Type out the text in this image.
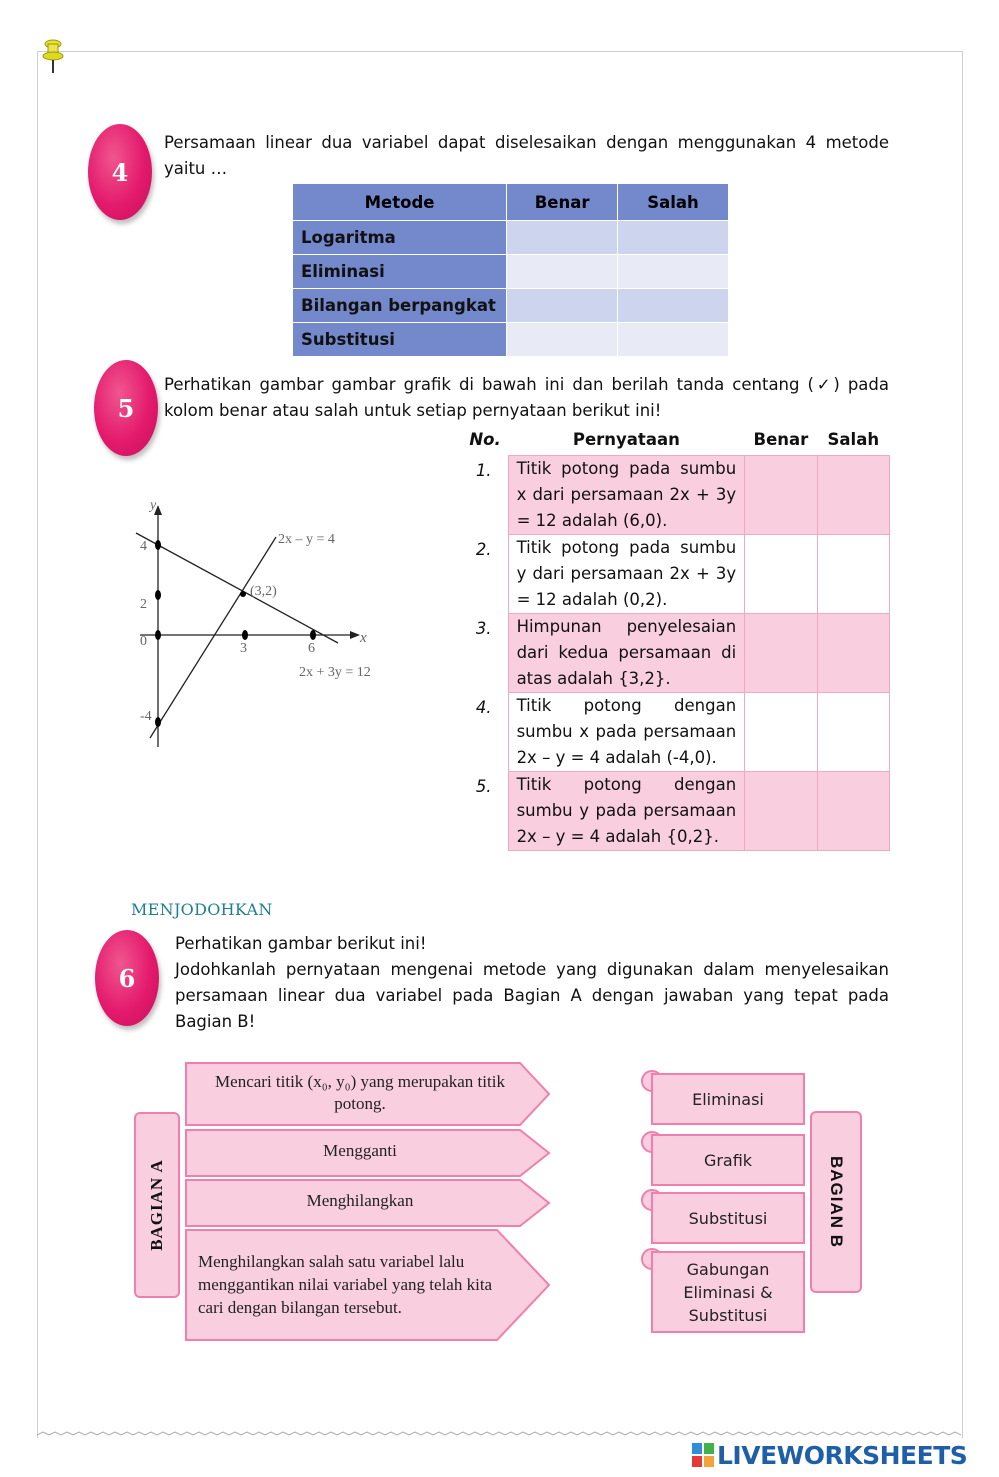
4
Persamaan linear dua variabel dapat diselesaikan dengan menggunakan 4 metode yaitu …
Metode	Benar	Salah
Logaritma		
Eliminasi		
Bilangan berpangkat		
Substitusi		
5
Perhatikan gambar gambar grafik di bawah ini dan berilah tanda centang (✓) pada kolom benar atau salah untuk setiap pernyataan berikut ini!
y
x
4
2
0
-4
3	6
(3,2)
2x – y = 4
2x + 3y = 12
No.	Pernyataan	Benar	Salah
1.	Titik potong pada sumbu x dari persamaan 2x + 3y = 12 adalah (6,0).		
2.	Titik potong pada sumbu y dari persamaan 2x + 3y = 12 adalah (0,2).		
3.	Himpunan penyelesaian dari kedua persamaan di atas adalah {3,2}.		
4.	Titik potong dengan sumbu x pada persamaan 2x – y = 4 adalah (-4,0).		
5.	Titik potong dengan sumbu y pada persamaan 2x – y = 4 adalah {0,2}.		
MENJODOHKAN
6
Perhatikan gambar berikut ini!
Jodohkanlah pernyataan mengenai metode yang digunakan dalam menyelesaikan persamaan linear dua variabel pada Bagian A dengan jawaban yang tepat pada Bagian B!
BAGIAN A
Mencari titik (x₀, y₀) yang merupakan titik potong.
Mengganti
Menghilangkan
Menghilangkan salah satu variabel lalu menggantikan nilai variabel yang telah kita cari dengan bilangan tersebut.
Eliminasi
Grafik
Substitusi
Gabungan Eliminasi & Substitusi
BAGIAN B
LIVEWORKSHEETS
